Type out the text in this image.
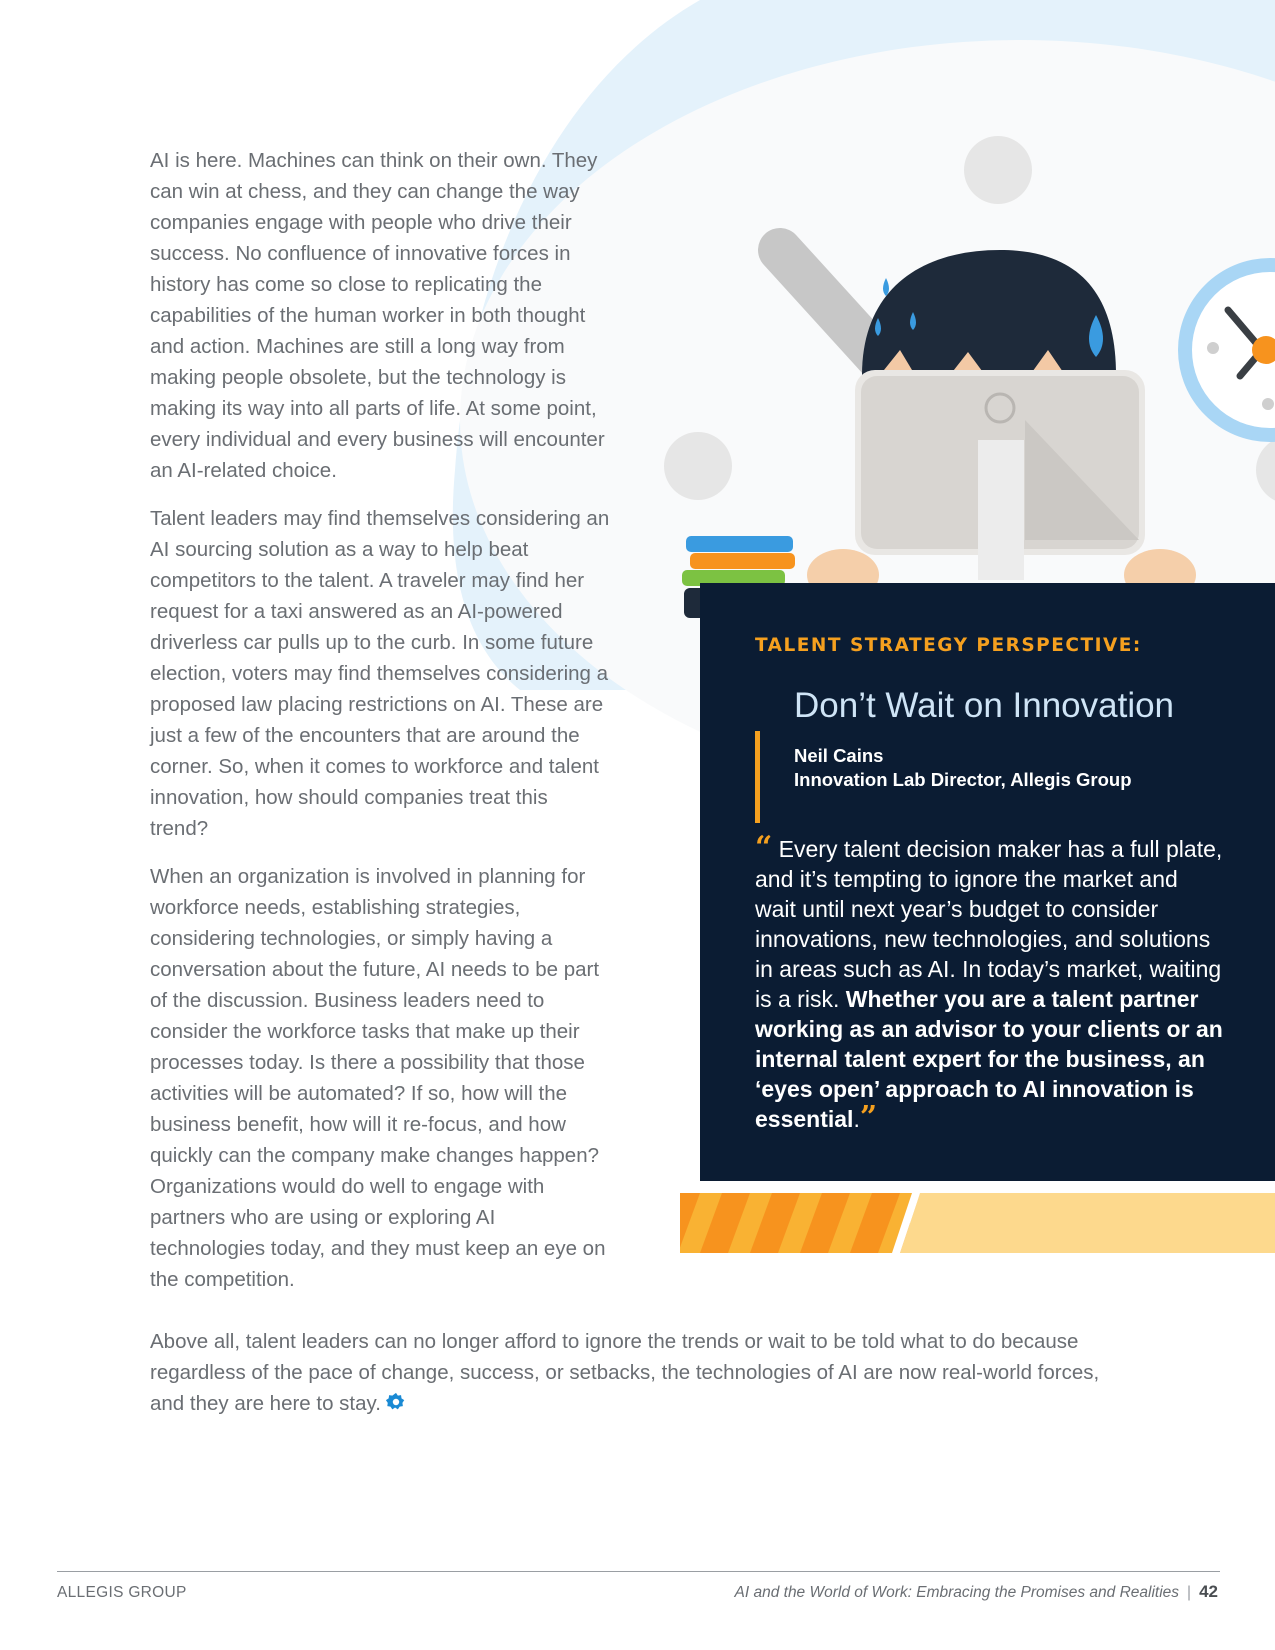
AI is here. Machines can think on their own. They can win at chess, and they can change the way companies engage with people who drive their success. No confluence of innovative forces in history has come so close to replicating the capabilities of the human worker in both thought and action. Machines are still a long way from making people obsolete, but the technology is making its way into all parts of life. At some point, every individual and every business will encounter an AI-related choice.

Talent leaders may find themselves considering an AI sourcing solution as a way to help beat competitors to the talent. A traveler may find her request for a taxi answered as an AI-powered driverless car pulls up to the curb. In some future election, voters may find themselves considering a proposed law placing restrictions on AI. These are just a few of the encounters that are around the corner. So, when it comes to workforce and talent innovation, how should companies treat this trend?

When an organization is involved in planning for workforce needs, establishing strategies, considering technologies, or simply having a conversation about the future, AI needs to be part of the discussion. Business leaders need to consider the workforce tasks that make up their processes today. Is there a possibility that those activities will be automated? If so, how will the business benefit, how will it re-focus, and how quickly can the company make changes happen? Organizations would do well to engage with partners who are using or exploring AI technologies today, and they must keep an eye on the competition.

Above all, talent leaders can no longer afford to ignore the trends or wait to be told what to do because regardless of the pace of change, success, or setbacks, the technologies of AI are now real-world forces, and they are here to stay.
TALENT STRATEGY PERSPECTIVE:
Don’t Wait on Innovation
Neil Cains
Innovation Lab Director, Allegis Group
“ Every talent decision maker has a full plate, and it’s tempting to ignore the market and wait until next year’s budget to consider innovations, new technologies, and solutions in areas such as AI. In today’s market, waiting is a risk. Whether you are a talent partner working as an advisor to your clients or an internal talent expert for the business, an ‘eyes open’ approach to AI innovation is essential.”
ALLEGIS GROUP	AI and the World of Work: Embracing the Promises and Realities | 42
